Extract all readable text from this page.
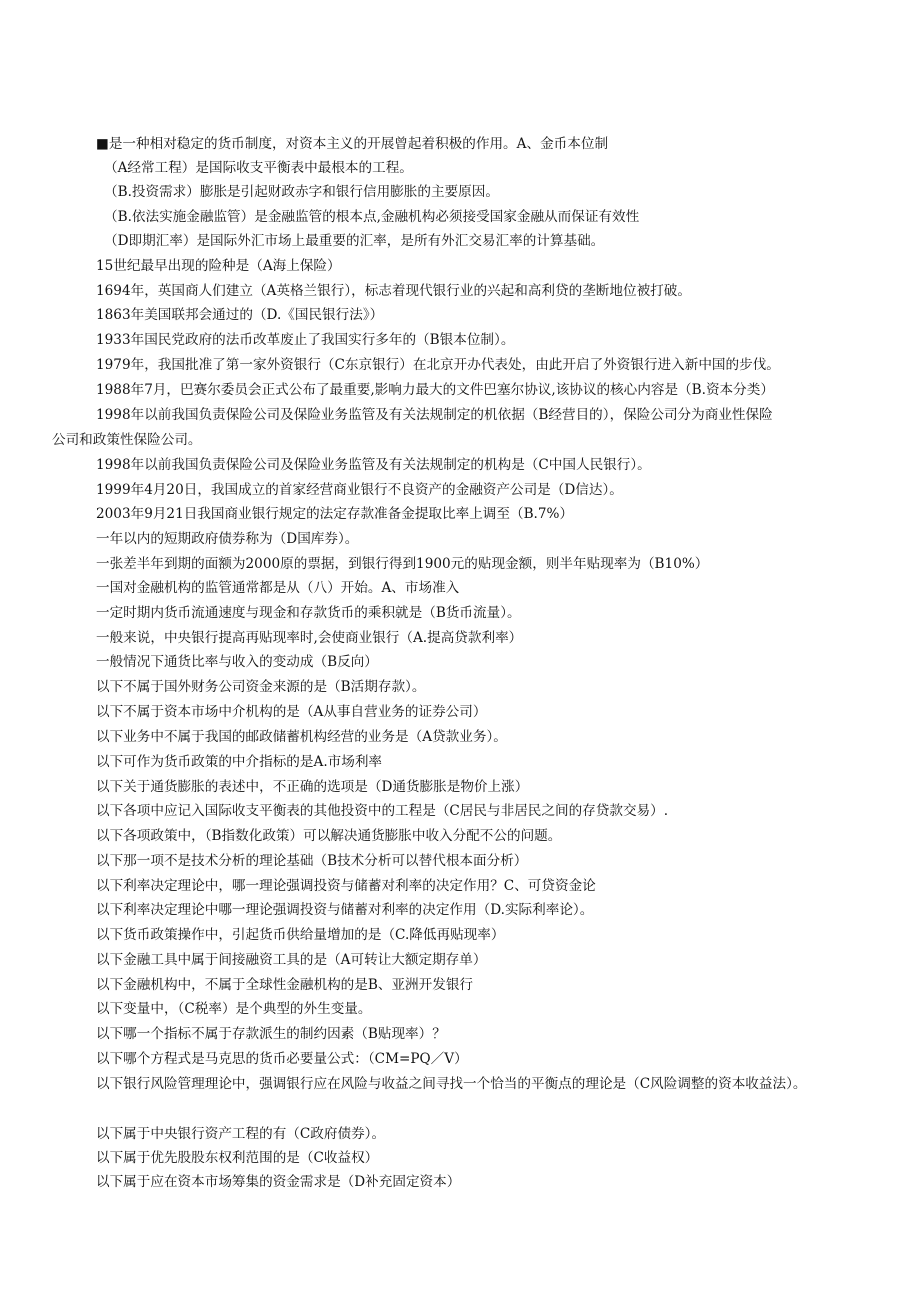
■是一种相对稳定的货币制度，对资本主义的开展曾起着积极的作用。A、金币本位制
（A经常工程）是国际收支平衡表中最根本的工程。
（B.投资需求）膨胀是引起财政赤字和银行信用膨胀的主要原因。
（B.依法实施金融监管）是金融监管的根本点,金融机构必须接受国家金融从而保证有效性
（D即期汇率）是国际外汇市场上最重要的汇率，是所有外汇交易汇率的计算基础。
15世纪最早出现的险种是（A海上保险）
1694年，英国商人们建立（A英格兰银行），标志着现代银行业的兴起和高利贷的垄断地位被打破。
1863年美国联邦会通过的（D.《国民银行法》）
1933年国民党政府的法币改革废止了我国实行多年的（B银本位制）。
1979年，我国批准了第一家外资银行（C东京银行）在北京开办代表处，由此开启了外资银行进入新中国的步伐。
1988年7月，巴赛尔委员会正式公布了最重要,影响力最大的文件巴塞尔协议,该协议的核心内容是（B.资本分类）
1998年以前我国负责保险公司及保险业务监管及有关法规制定的机依据（B经营目的），保险公司分为商业性保险
公司和政策性保险公司。
1998年以前我国负责保险公司及保险业务监管及有关法规制定的机构是（C中国人民银行）。
1999年4月20日，我国成立的首家经营商业银行不良资产的金融资产公司是（D信达）。
2003年9月21日我国商业银行规定的法定存款准备金提取比率上调至（B.7%）
一年以内的短期政府债券称为（D国库券）。
一张差半年到期的面额为2000原的票据，到银行得到1900元的贴现金额，则半年贴现率为（B10%）
一国对金融机构的监管通常都是从（八）开始。A、市场准入
一定时期内货币流通速度与现金和存款货币的乘积就是（B货币流量）。
一般来说，中央银行提高再贴现率时,会使商业银行（A.提高贷款利率）
一般情况下通货比率与收入的变动成（B反向）
以下不属于国外财务公司资金来源的是（B活期存款）。
以下不属于资本市场中介机构的是（A从事自营业务的证券公司）
以下业务中不属于我国的邮政储蓄机构经营的业务是（A贷款业务）。
以下可作为货币政策的中介指标的是A.市场利率
以下关于通货膨胀的表述中，不正确的选项是（D通货膨胀是物价上涨）
以下各项中应记入国际收支平衡表的其他投资中的工程是（C居民与非居民之间的存贷款交易）.
以下各项政策中，（B指数化政策）可以解决通货膨胀中收入分配不公的问题。
以下那一项不是技术分析的理论基础（B技术分析可以替代根本面分析）
以下利率决定理论中，哪一理论强调投资与储蓄对利率的决定作用？C、可贷资金论
以下利率决定理论中哪一理论强调投资与储蓄对利率的决定作用（D.实际利率论）。
以下货币政策操作中，引起货币供给量增加的是（C.降低再贴现率）
以下金融工具中属于间接融资工具的是（A可转让大额定期存单）
以下金融机构中，不属于全球性金融机构的是B、亚洲开发银行
以下变量中，（C税率）是个典型的外生变量。
以下哪一个指标不属于存款派生的制约因素（B贴现率）？
以下哪个方程式是马克思的货币必要量公式：（CM=PQ／V）
以下银行风险管理理论中，强调银行应在风险与收益之间寻找一个恰当的平衡点的理论是（C风险调整的资本收益法）。
以下属于中央银行资产工程的有（C政府债券）。
以下属于优先股股东权利范围的是（C收益权）
以下属于应在资本市场筹集的资金需求是（D补充固定资本）
